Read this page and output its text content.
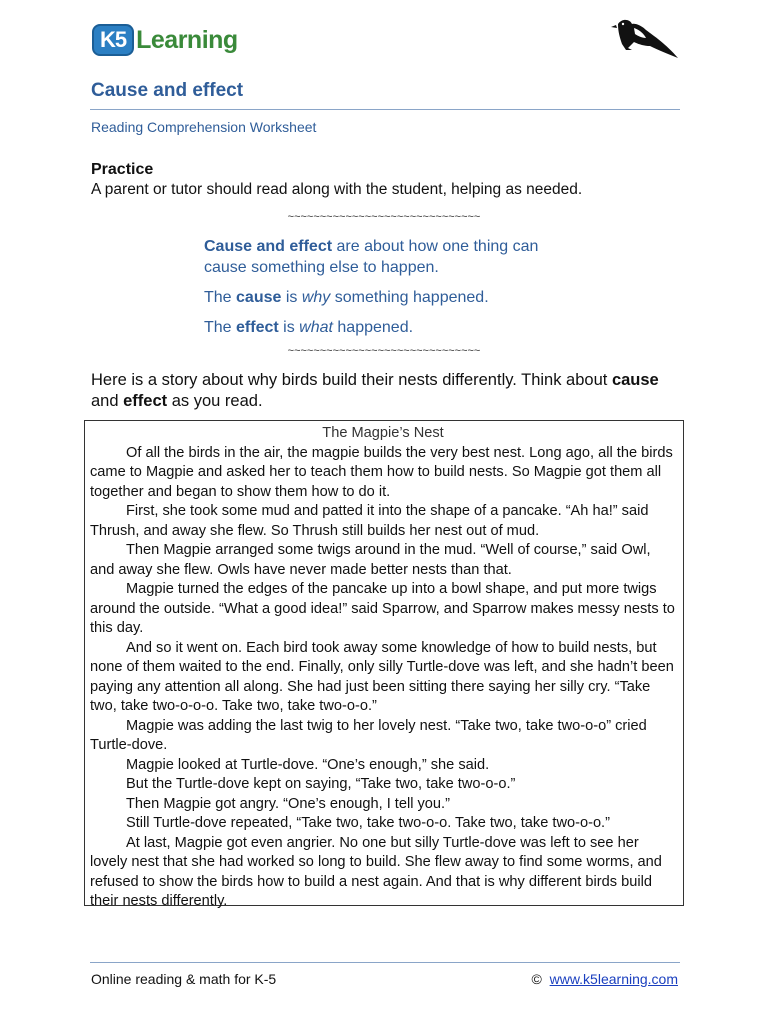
K5 Learning
Cause and effect
Reading Comprehension Worksheet
Practice
A parent or tutor should read along with the student, helping as needed.
~~~~~~~~~~~~~~~~~~~~~~~~~~~~~~
Cause and effect are about how one thing can cause something else to happen.
The cause is why something happened.
The effect is what happened.
~~~~~~~~~~~~~~~~~~~~~~~~~~~~~~
Here is a story about why birds build their nests differently. Think about cause and effect as you read.
The Magpie’s Nest

Of all the birds in the air, the magpie builds the very best nest. Long ago, all the birds came to Magpie and asked her to teach them how to build nests. So Magpie got them all together and began to show them how to do it.

First, she took some mud and patted it into the shape of a pancake. “Ah ha!” said Thrush, and away she flew. So Thrush still builds her nest out of mud.

Then Magpie arranged some twigs around in the mud. “Well of course,” said Owl, and away she flew. Owls have never made better nests than that.

Magpie turned the edges of the pancake up into a bowl shape, and put more twigs around the outside. “What a good idea!” said Sparrow, and Sparrow makes messy nests to this day.

And so it went on. Each bird took away some knowledge of how to build nests, but none of them waited to the end. Finally, only silly Turtle-dove was left, and she hadn’t been paying any attention all along. She had just been sitting there saying her silly cry. “Take two, take two-o-o-o. Take two, take two-o-o.”

Magpie was adding the last twig to her lovely nest. “Take two, take two-o-o” cried Turtle-dove.

Magpie looked at Turtle-dove. “One’s enough,” she said.

But the Turtle-dove kept on saying, “Take two, take two-o-o.”

Then Magpie got angry. “One’s enough, I tell you.”

Still Turtle-dove repeated, “Take two, take two-o-o. Take two, take two-o-o.”

At last, Magpie got even angrier. No one but silly Turtle-dove was left to see her lovely nest that she had worked so long to build. She flew away to find some worms, and refused to show the birds how to build a nest again. And that is why different birds build their nests differently.

Online reading & math for K-5	© www.k5learning.com
